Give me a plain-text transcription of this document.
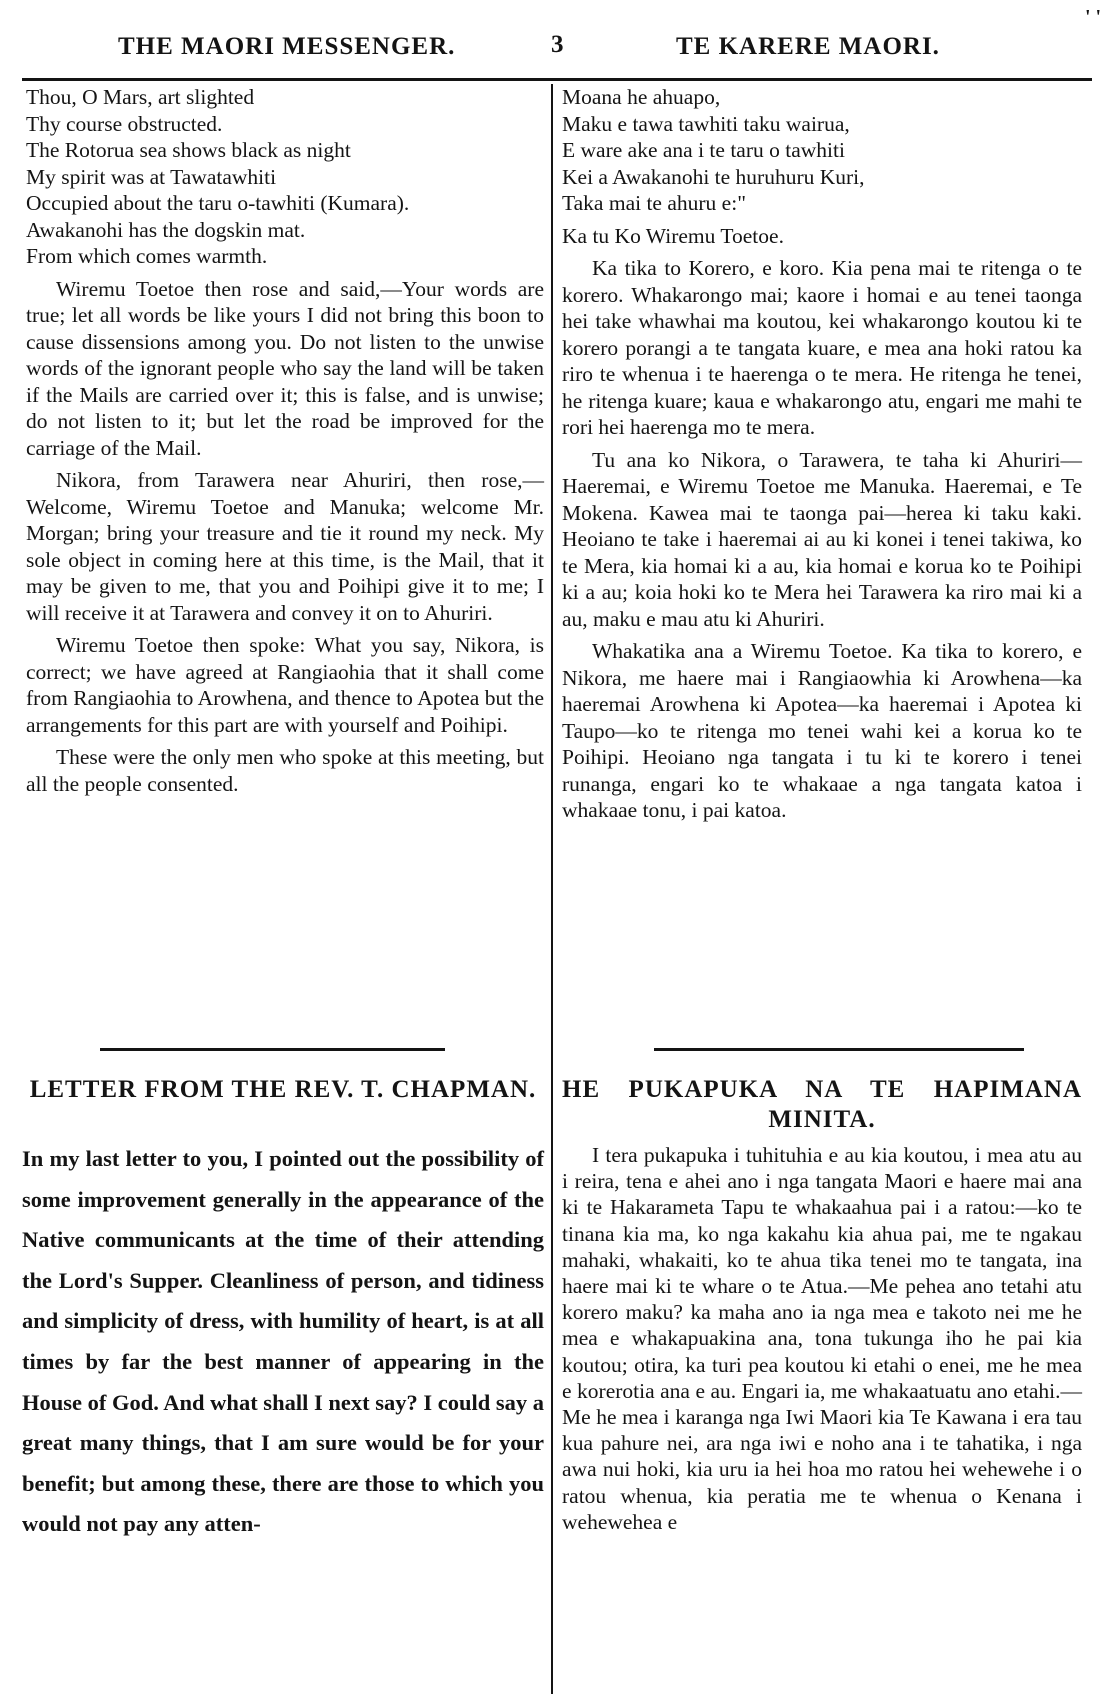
THE MAORI MESSENGER.	3	TE KARERE MAORI.
' '
Thou, O Mars, art slighted
Thy course obstructed.
The Rotorua sea shows black as night
My spirit was at Tawatawhiti
Occupied about the taru o-tawhiti (Kumara).
Awakanohi has the dogskin mat.
From which comes warmth.

Wiremu Toetoe then rose and said,—Your words are true; let all words be like yours I did not bring this boon to cause dissensions among you. Do not listen to the unwise words of the ignorant people who say the land will be taken if the Mails are carried over it; this is false, and is unwise; do not listen to it; but let the road be improved for the carriage of the Mail.

Nikora, from Tarawera near Ahuriri, then rose,—Welcome, Wiremu Toetoe and Manuka; welcome Mr. Morgan; bring your treasure and tie it round my neck. My sole object in coming here at this time, is the Mail, that it may be given to me, that you and Poihipi give it to me; I will receive it at Tarawera and convey it on to Ahuriri.

Wiremu Toetoe then spoke: What you say, Nikora, is correct; we have agreed at Rangiaohia that it shall come from Rangiaohia to Arowhena, and thence to Apotea but the arrangements for this part are with yourself and Poihipi.

These were the only men who spoke at this meeting, but all the people consented.

Moana he ahuapo,
Maku e tawa tawhiti taku wairua,
E ware ake ana i te taru o tawhiti
Kei a Awakanohi te huruhuru Kuri,
Taka mai te ahuru e:"

Ka tu Ko Wiremu Toetoe.

Ka tika to Korero, e koro. Kia pena mai te ritenga o te korero. Whakarongo mai; kaore i homai e au tenei taonga hei take whawhai ma koutou, kei whakarongo koutou ki te korero porangi a te tangata kuare, e mea ana hoki ratou ka riro te whenua i te haerenga o te mera. He ritenga he tenei, he ritenga kuare; kaua e whakarongo atu, engari me mahi te rori hei haerenga mo te mera.

Tu ana ko Nikora, o Tarawera, te taha ki Ahuriri—Haeremai, e Wiremu Toetoe me Manuka. Haeremai, e Te Mokena. Kawea mai te taonga pai—herea ki taku kaki. Heoiano te take i haeremai ai au ki konei i tenei takiwa, ko te Mera, kia homai ki a au, kia homai e korua ko te Poihipi ki a au; koia hoki ko te Mera hei Tarawera ka riro mai ki a au, maku e mau atu ki Ahuriri.

Whakatika ana a Wiremu Toetoe. Ka tika to korero, e Nikora, me haere mai i Rangiaowhia ki Arowhena—ka haeremai Arowhena ki Apotea—ka haeremai i Apotea ki Taupo—ko te ritenga mo tenei wahi kei a korua ko te Poihipi. Heoiano nga tangata i tu ki te korero i tenei runanga, engari ko te whakaae a nga tangata katoa i whakaae tonu, i pai katoa.

LETTER FROM THE REV. T. CHAPMAN.	HE PUKAPUKA NA TE HAPIMANA MINITA.

In my last letter to you, I pointed out the possibility of some improvement generally in the appearance of the Native communicants at the time of their attending the Lord's Supper. Cleanliness of person, and tidiness and simplicity of dress, with humility of heart, is at all times by far the best manner of appearing in the House of God. And what shall I next say? I could say a great many things, that I am sure would be for your benefit; but among these, there are those to which you would not pay any atten-

I tera pukapuka i tuhituhia e au kia koutou, i mea atu au i reira, tena e ahei ano i nga tangata Maori e haere mai ana ki te Hakarameta Tapu te whakaahua pai i a ratou:—ko te tinana kia ma, ko nga kakahu kia ahua pai, me te ngakau mahaki, whakaiti, ko te ahua tika tenei mo te tangata, ina haere mai ki te whare o te Atua.—Me pehea ano tetahi atu korero maku? ka maha ano ia nga mea e takoto nei me he mea e whakapuakina ana, tona tukunga iho he pai kia koutou; otira, ka turi pea koutou ki etahi o enei, me he mea e korerotia ana e au. Engari ia, me whakaatuatu ano etahi.—Me he mea i karanga nga Iwi Maori kia Te Kawana i era tau kua pahure nei, ara nga iwi e noho ana i te tahatika, i nga awa nui hoki, kia uru ia hei hoa mo ratou hei wehewehe i o ratou whenua, kia peratia me te whenua o Kenana i wehewehea e
